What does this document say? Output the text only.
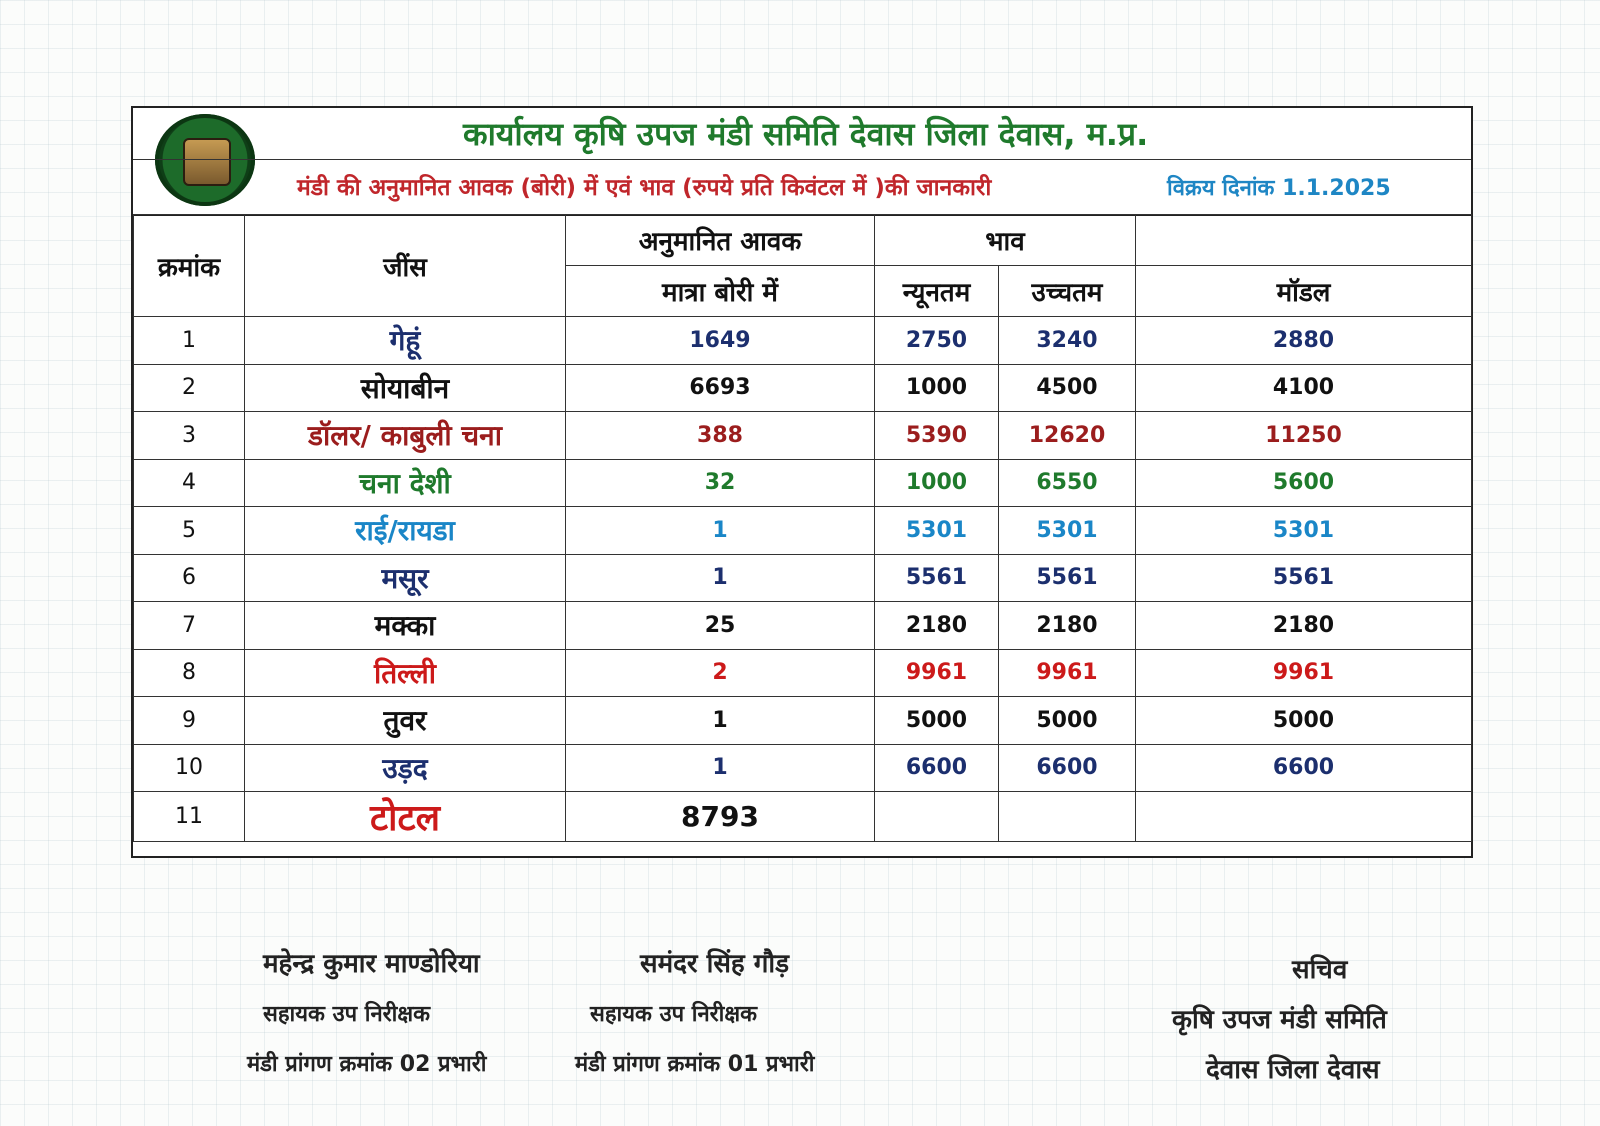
कार्यालय कृषि उपज मंडी समिति देवास जिला देवास, म.प्र.
मंडी की अनुमानित आवक (बोरी) में एवं भाव (रुपये प्रति किवंटल में )की जानकारी	विक्रय दिनांक 1.1.2025
क्रमांक	जींस	अनुमानित आवक	भाव		
		मात्रा बोरी में	न्यूनतम	उच्चतम	मॉडल
1	गेहूं	1649	2750	3240	2880
2	सोयाबीन	6693	1000	4500	4100
3	डॉलर/ काबुली चना	388	5390	12620	11250
4	चना देशी	32	1000	6550	5600
5	राई/रायडा	1	5301	5301	5301
6	मसूर	1	5561	5561	5561
7	मक्का	25	2180	2180	2180
8	तिल्ली	2	9961	9961	9961
9	तुवर	1	5000	5000	5000
10	उड़द	1	6600	6600	6600
11	टोटल	8793			
महेन्द्र कुमार माण्डोरिया
सहायक उप निरीक्षक
मंडी प्रांगण क्रमांक 02 प्रभारी
समंदर सिंह गौड़
सहायक उप निरीक्षक
मंडी प्रांगण क्रमांक 01 प्रभारी
सचिव
कृषि उपज मंडी समिति
देवास जिला देवास
